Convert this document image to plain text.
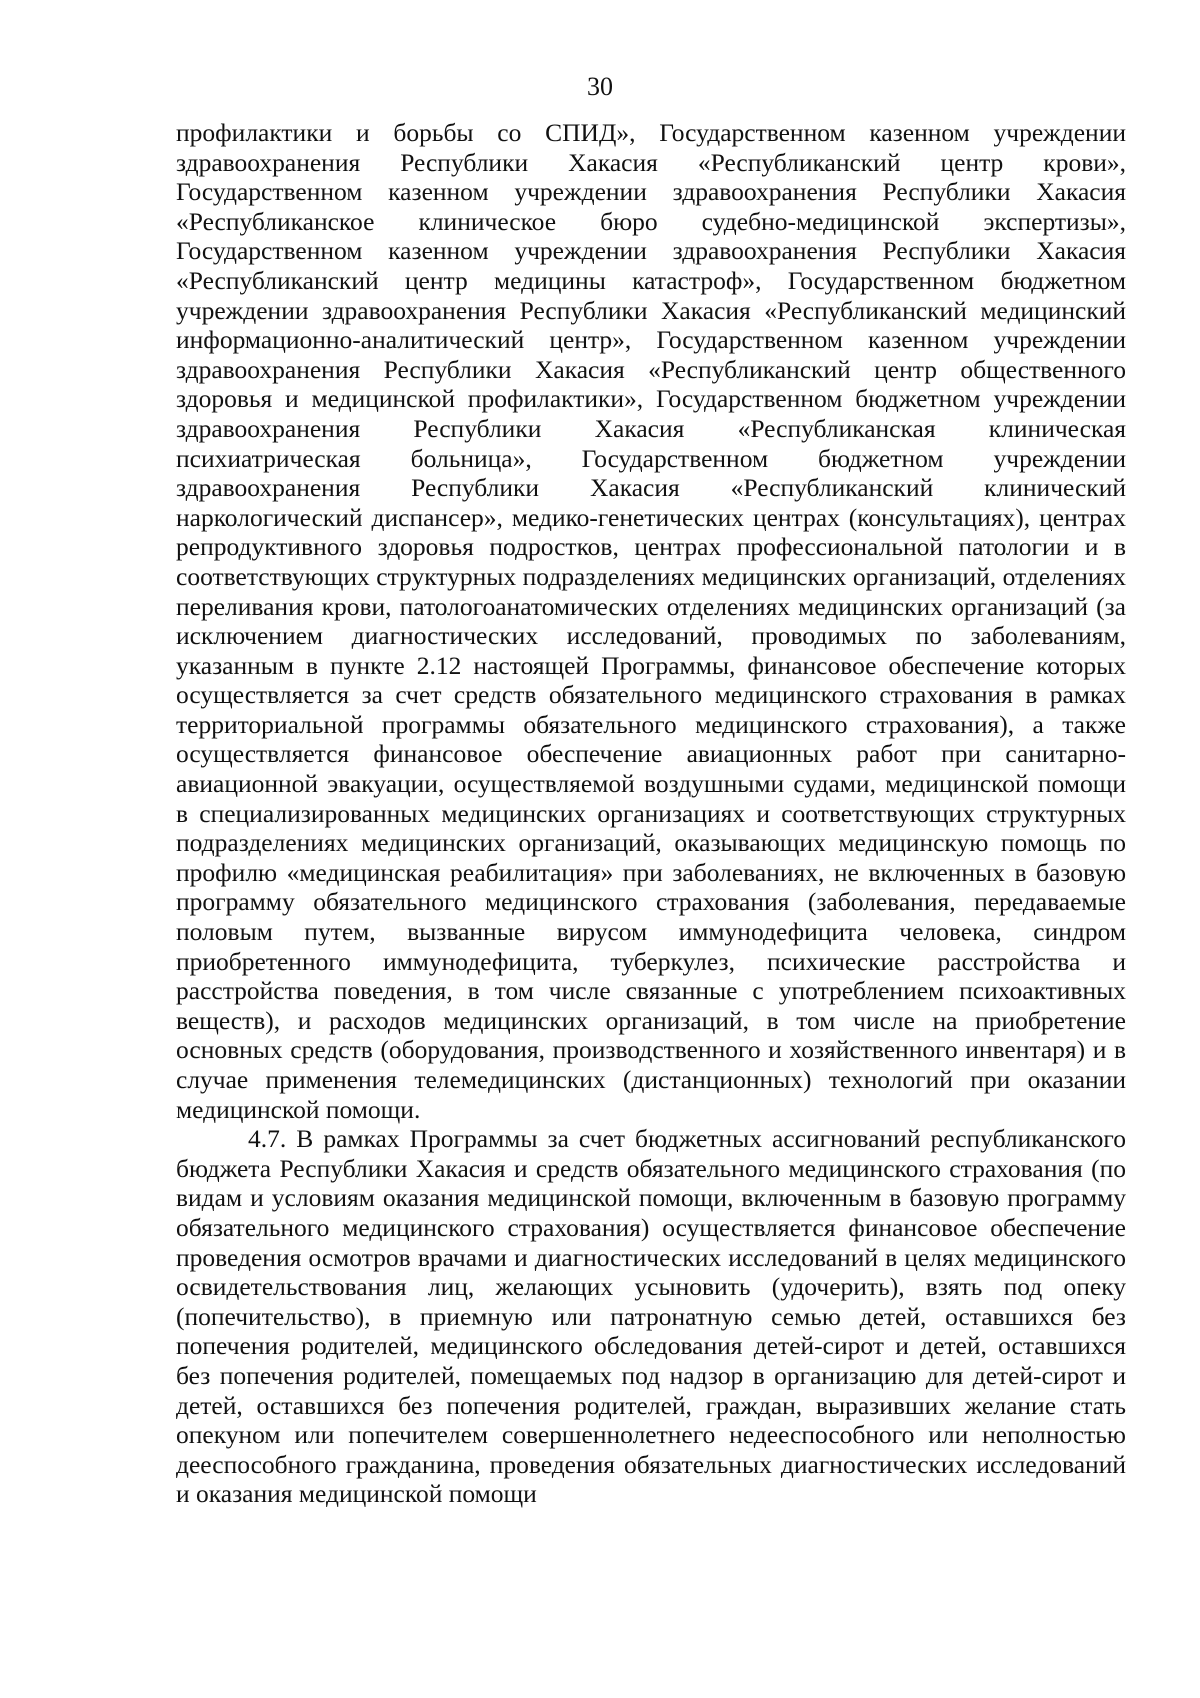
30

профилактики и борьбы со СПИД», Государственном казенном учреждении здравоохранения Республики Хакасия «Республиканский центр крови», Государственном казенном учреждении здравоохранения Республики Хакасия «Республиканское клиническое бюро судебно-медицинской экспертизы», Государственном казенном учреждении здравоохранения Республики Хакасия «Республиканский центр медицины катастроф», Государственном бюджетном учреждении здравоохранения Республики Хакасия «Республиканский медицинский информационно-аналитический центр», Государственном казенном учреждении здравоохранения Республики Хакасия «Республиканский центр общественного здоровья и медицинской профилактики», Государственном бюджетном учреждении здравоохранения Республики Хакасия «Республиканская клиническая психиатрическая больница», Государственном бюджетном учреждении здравоохранения Республики Хакасия «Республиканский клинический наркологический диспансер», медико-генетических центрах (консультациях), центрах репродуктивного здоровья подростков, центрах профессиональной патологии и в соответствующих структурных подразделениях медицинских организаций, отделениях переливания крови, патологоанатомических отделениях медицинских организаций (за исключением диагностических исследований, проводимых по заболеваниям, указанным в пункте 2.12 настоящей Программы, финансовое обеспечение которых осуществляется за счет средств обязательного медицинского страхования в рамках территориальной программы обязательного медицинского страхования), а также осуществляется финансовое обеспечение авиационных работ при санитарно-авиационной эвакуации, осуществляемой воздушными судами, медицинской помощи в специализированных медицинских организациях и соответствующих структурных подразделениях медицинских организаций, оказывающих медицинскую помощь по профилю «медицинская реабилитация» при заболеваниях, не включенных в базовую программу обязательного медицинского страхования (заболевания, передаваемые половым путем, вызванные вирусом иммунодефицита человека, синдром приобретенного иммунодефицита, туберкулез, психические расстройства и расстройства поведения, в том числе связанные с употреблением психоактивных веществ), и расходов медицинских организаций, в том числе на приобретение основных средств (оборудования, производственного и хозяйственного инвентаря) и в случае применения телемедицинских (дистанционных) технологий при оказании медицинской помощи.

4.7. В рамках Программы за счет бюджетных ассигнований республиканского бюджета Республики Хакасия и средств обязательного медицинского страхования (по видам и условиям оказания медицинской помощи, включенным в базовую программу обязательного медицинского страхования) осуществляется финансовое обеспечение проведения осмотров врачами и диагностических исследований в целях медицинского освидетельствования лиц, желающих усыновить (удочерить), взять под опеку (попечительство), в приемную или патронатную семью детей, оставшихся без попечения родителей, медицинского обследования детей-сирот и детей, оставшихся без попечения родителей, помещаемых под надзор в организацию для детей-сирот и детей, оставшихся без попечения родителей, граждан, выразивших желание стать опекуном или попечителем совершеннолетнего недееспособного или неполностью дееспособного гражданина, проведения обязательных диагностических исследований и оказания медицинской помощи
